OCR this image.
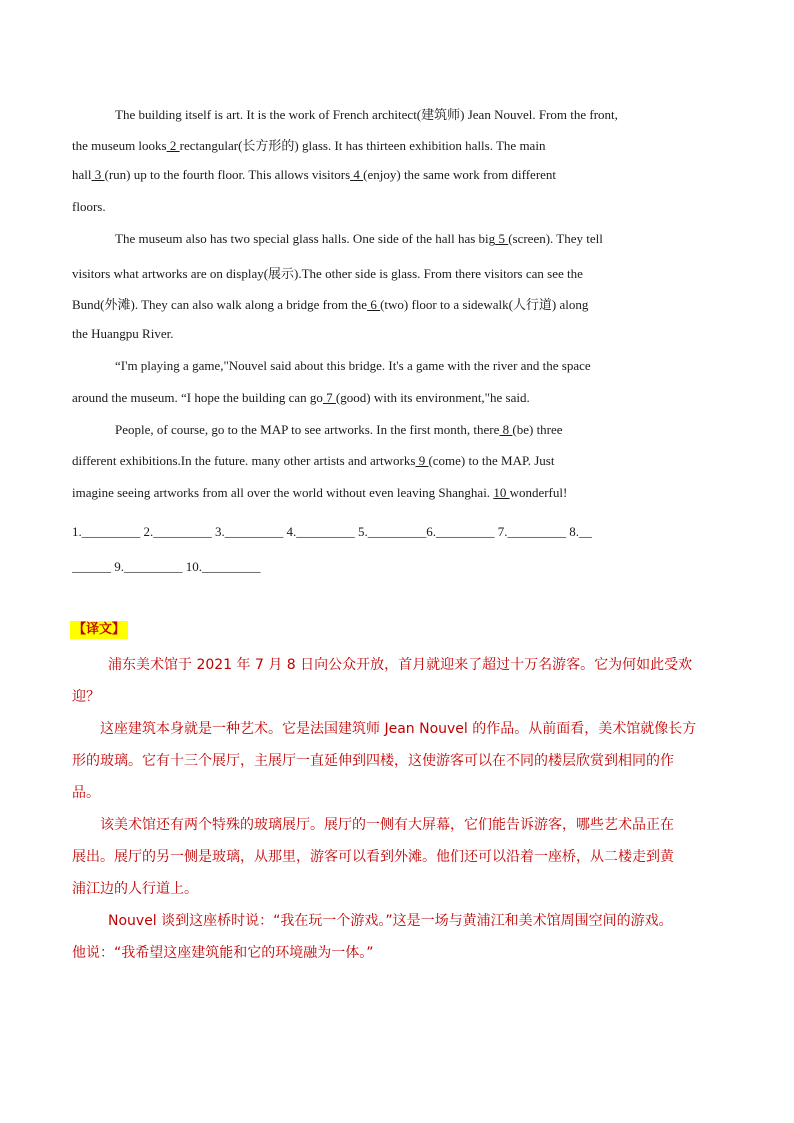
The building itself is art. It is the work of French architect(建筑师) Jean Nouvel. From the front,
the museum looks 2 rectangular(长方形的) glass. It has thirteen exhibition halls. The main
hall 3 (run) up to the fourth floor. This allows visitors 4 (enjoy) the same work from different
floors.
The museum also has two special glass halls. One side of the hall has big 5 (screen). They tell
visitors what artworks are on display(展示).The other side is glass. From there visitors can see the
Bund(外滩). They can also walk along a bridge from the 6 (two) floor to a sidewalk(人行道) along
the Huangpu River.
“I'm playing a game,"Nouvel said about this bridge. It's a game with the river and the space
around the museum. “I hope the building can go 7 (good) with its environment,"he said.
People, of course, go to the MAP to see artworks. In the first month, there 8 (be) three
different exhibitions.In the future. many other artists and artworks 9 (come) to the MAP. Just
imagine seeing artworks from all over the world without even leaving Shanghai. 10 wonderful!
1._________ 2._________ 3._________ 4._________ 5._________6._________ 7._________ 8.__
______ 9._________ 10._________
【译文】
浦东美术馆于 2021 年 7 月 8 日向公众开放，首月就迎来了超过十万名游客。它为何如此受欢
迎？
这座建筑本身就是一种艺术。它是法国建筑师 Jean Nouvel 的作品。从前面看，美术馆就像长方
形的玻璃。它有十三个展厅，主展厅一直延伸到四楼，这使游客可以在不同的楼层欣赏到相同的作
品。
该美术馆还有两个特殊的玻璃展厅。展厅的一侧有大屏幕，它们能告诉游客，哪些艺术品正在
展出。展厅的另一侧是玻璃，从那里，游客可以看到外滩。他们还可以沿着一座桥，从二楼走到黄
浦江边的人行道上。
Nouvel 谈到这座桥时说：“我在玩一个游戏。”这是一场与黄浦江和美术馆周围空间的游戏。
他说：“我希望这座建筑能和它的环境融为一体。”
